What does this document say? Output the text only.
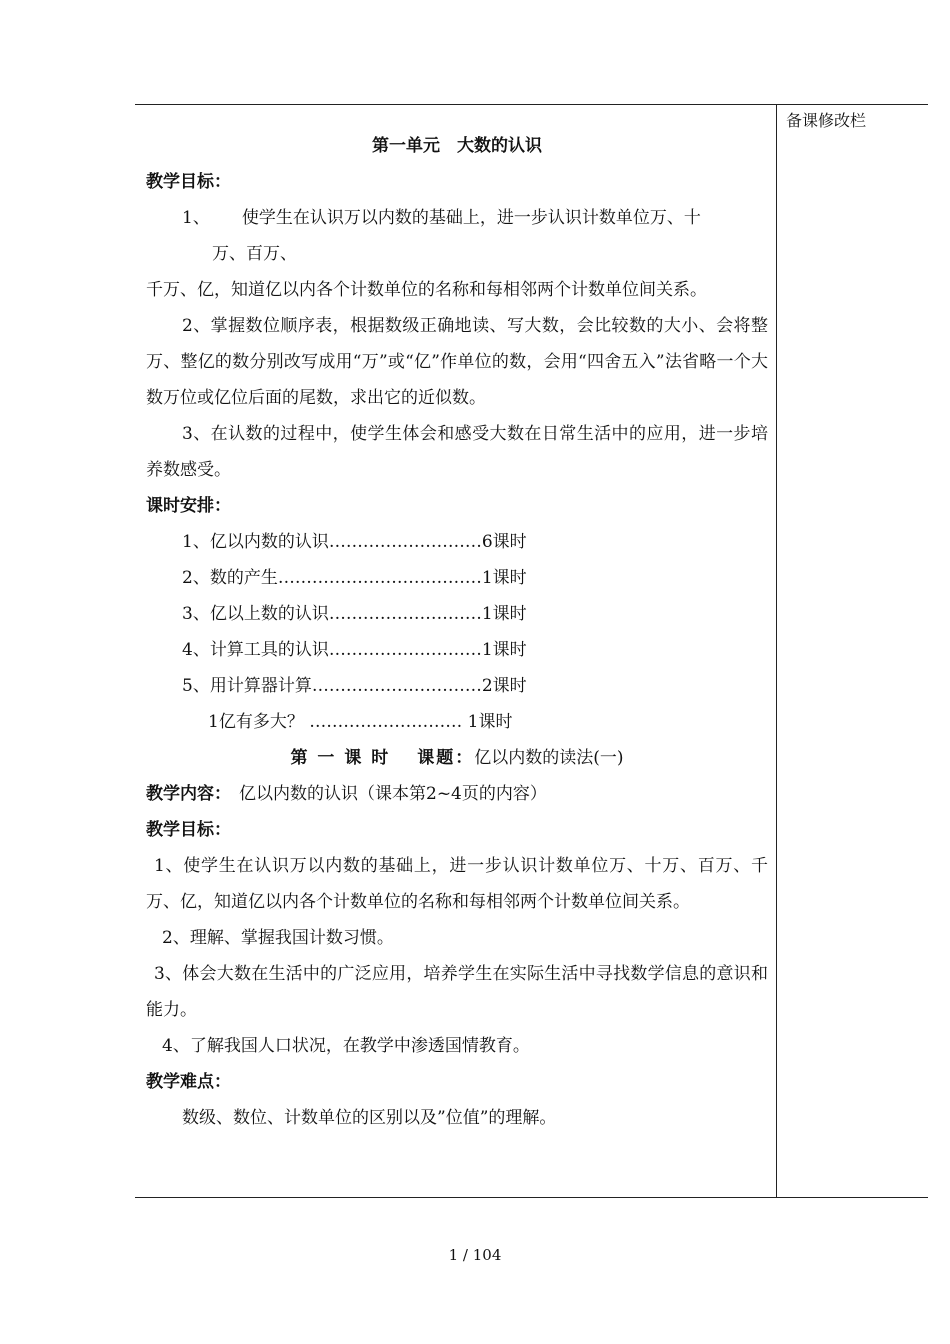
备课修改栏

第一单元　大数的认识

教学目标：

1、 使学生在认识万以内数的基础上，进一步认识计数单位万、十

万、百万、

千万、亿，知道亿以内各个计数单位的名称和每相邻两个计数单位间关系。

2、掌握数位顺序表，根据数级正确地读、写大数，会比较数的大小、会将整万、整亿的数分别改写成用“万”或“亿”作单位的数，会用“四舍五入”法省略一个大数万位或亿位后面的尾数，求出它的近似数。

3、在认数的过程中，使学生体会和感受大数在日常生活中的应用，进一步培养数感受。

课时安排：

1、亿以内数的认识………………………6课时

2、数的产生………………………………1课时

3、亿以上数的认识………………………1课时

4、计算工具的认识………………………1课时

5、用计算器计算…………………………2课时

1亿有多大？ ……………………… 1课时

第 一 课 时　 课题：亿以内数的读法(一)

教学内容： 亿以内数的认识（课本第2~4页的内容）

教学目标：

1、使学生在认识万以内数的基础上，进一步认识计数单位万、十万、百万、千万、亿，知道亿以内各个计数单位的名称和每相邻两个计数单位间关系。

2、理解、掌握我国计数习惯。

3、体会大数在生活中的广泛应用，培养学生在实际生活中寻找数学信息的意识和能力。

4、了解我国人口状况，在教学中渗透国情教育。

教学难点：

数级、数位、计数单位的区别以及”位值”的理解。

1 / 104
